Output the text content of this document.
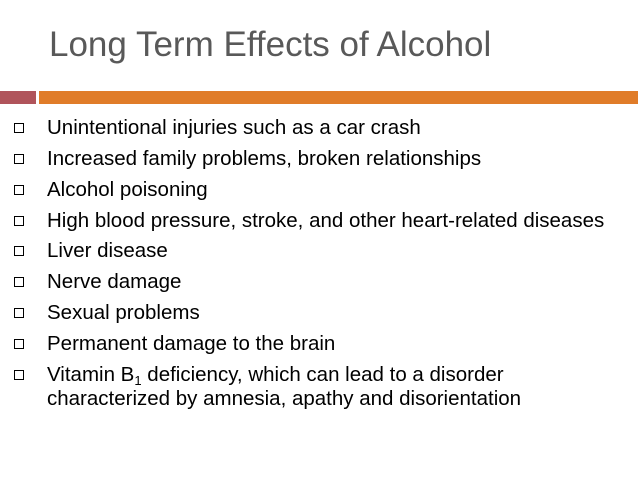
Long Term Effects of Alcohol
Unintentional injuries such as a car crash
Increased family problems, broken relationships
Alcohol poisoning
High blood pressure, stroke, and other heart-related diseases
Liver disease
Nerve damage
Sexual problems
Permanent damage to the brain
Vitamin $B_1$ deficiency, which can lead to a disorder characterized by amnesia, apathy and disorientation
